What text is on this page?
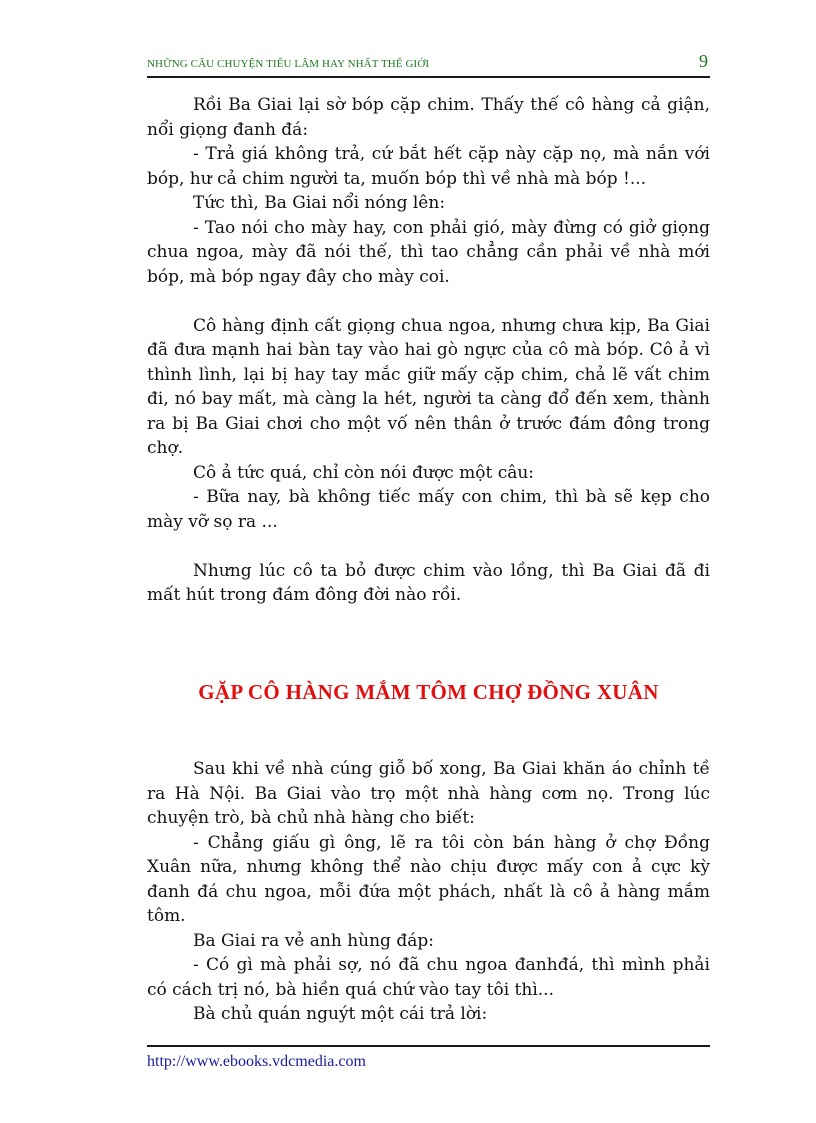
NHỮNG CÂU CHUYỆN TIẾU LÂM HAY NHẤT THẾ GIỚI	9

Rồi Ba Giai lại sờ bóp cặp chim. Thấy thế cô hàng cả giận, nổi giọng đanh đá:

- Trả giá không trả, cứ bắt hết cặp này cặp nọ, mà nắn với bóp, hư cả chim người ta, muốn bóp thì về nhà mà bóp !...

Tức thì, Ba Giai nổi nóng lên:

- Tao nói cho mày hay, con phải gió, mày đừng có giở giọng chua ngoa, mày đã nói thế, thì tao chẳng cần phải về nhà mới bóp, mà bóp ngay đây cho mày coi.

Cô hàng định cất giọng chua ngoa, nhưng chưa kịp, Ba Giai đã đưa mạnh hai bàn tay vào hai gò ngực của cô mà bóp. Cô ả vì thình lình, lại bị hay tay mắc giữ mấy cặp chim, chả lẽ vất chim đi, nó bay mất, mà càng la hét, người ta càng đổ đến xem, thành ra bị Ba Giai chơi cho một vố nên thân ở trước đám đông trong chợ.

Cô ả tức quá, chỉ còn nói được một câu:

- Bữa nay, bà không tiếc mấy con chim, thì bà sẽ kẹp cho mày vỡ sọ ra ...

Nhưng lúc cô ta bỏ được chim vào lồng, thì Ba Giai đã đi mất hút trong đám đông đời nào rồi.

GẶP CÔ HÀNG MẮM TÔM CHỢ ĐỒNG XUÂN

Sau khi về nhà cúng giỗ bố xong, Ba Giai khăn áo chỉnh tề ra Hà Nội. Ba Giai vào trọ một nhà hàng cơm nọ. Trong lúc chuyện trò, bà chủ nhà hàng cho biết:

- Chẳng giấu gì ông, lẽ ra tôi còn bán hàng ở chợ Đồng Xuân nữa, nhưng không thể nào chịu được mấy con ả cực kỳ đanh đá chu ngoa, mỗi đứa một phách, nhất là cô ả hàng mắm tôm.

Ba Giai ra vẻ anh hùng đáp:

- Có gì mà phải sợ, nó đã chu ngoa đanhđá, thì mình phải có cách trị nó, bà hiền quá chứ vào tay tôi thì...

Bà chủ quán nguýt một cái trả lời:

http://www.ebooks.vdcmedia.com
